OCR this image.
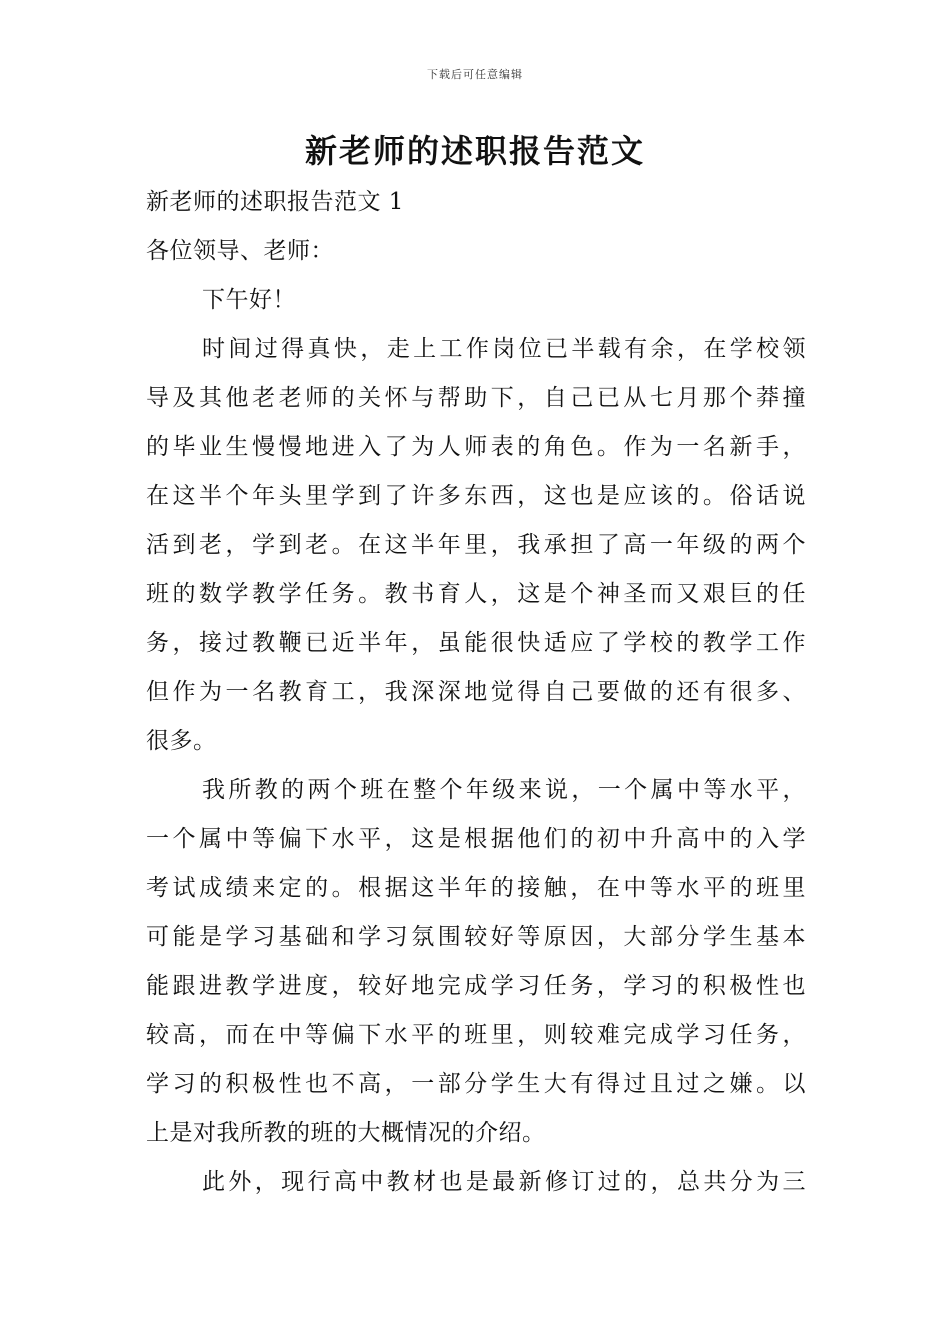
下载后可任意编辑
新老师的述职报告范文
新老师的述职报告范文 1
各位领导、老师：
下午好！
时间过得真快，走上工作岗位已半载有余，在学校领
导及其他老老师的关怀与帮助下，自己已从七月那个莽撞
的毕业生慢慢地进入了为人师表的角色。作为一名新手，
在这半个年头里学到了许多东西，这也是应该的。俗话说
活到老，学到老。在这半年里，我承担了高一年级的两个
班的数学教学任务。教书育人，这是个神圣而又艰巨的任
务，接过教鞭已近半年，虽能很快适应了学校的教学工作
但作为一名教育工，我深深地觉得自己要做的还有很多、
很多。
我所教的两个班在整个年级来说，一个属中等水平，
一个属中等偏下水平，这是根据他们的初中升高中的入学
考试成绩来定的。根据这半年的接触，在中等水平的班里
可能是学习基础和学习氛围较好等原因，大部分学生基本
能跟进教学进度，较好地完成学习任务，学习的积极性也
较高，而在中等偏下水平的班里，则较难完成学习任务，
学习的积极性也不高，一部分学生大有得过且过之嫌。以
上是对我所教的班的大概情况的介绍。
此外，现行高中教材也是最新修订过的，总共分为三
